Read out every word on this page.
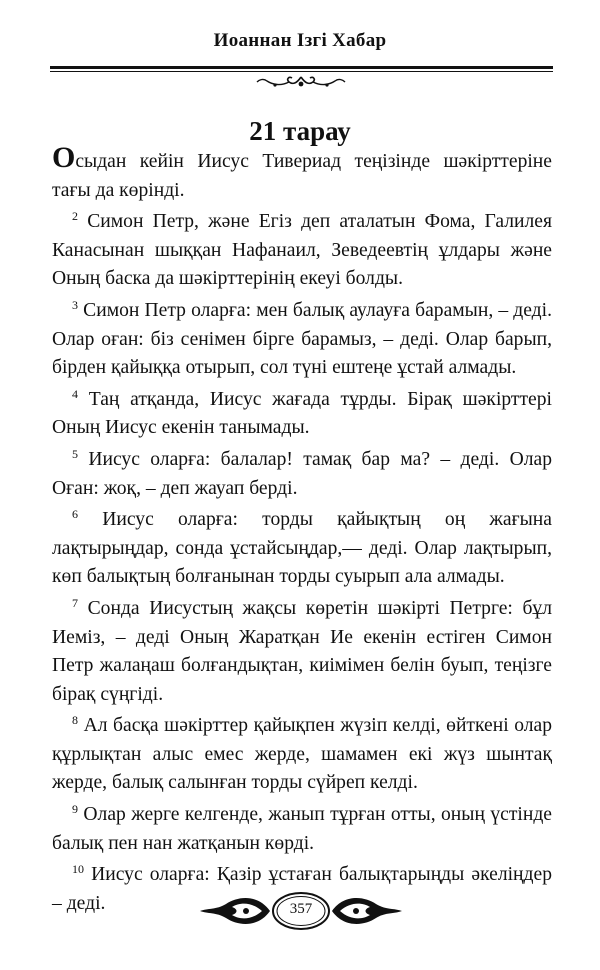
Иоаннан Ізгі Хабар
21 тарау

Осыдан кейін Иисус Тивериад теңізінде шәкірттеріне тағы да көрінді.

$^2$ Симон Петр, және Егіз деп аталатын Фома, Галилея Канасынан шыққан Нафанаил, Зеведеевтің ұлдары және Оның баска да шәкірттерінің екеуі болды.

$^3$ Симон Петр оларға: мен балық аулауға барамын, – деді. Олар оған: біз сенімен бірге барамыз, – деді. Олар барып, бірден қайыққа отырып, сол түні ештеңе ұстай алмады.

$^4$ Таң атқанда, Иисус жағада тұрды. Бірақ шәкірттері Оның Иисус екенін танымады.

$^5$ Иисус оларға: балалар! тамақ бар ма? – деді. Олар Оған: жоқ, – деп жауап берді.

$^6$ Иисус оларға: торды қайықтың оң жағына лақтырыңдар, сонда ұстайсыңдар,— деді. Олар лақтырып, көп балықтың болғанынан торды суырып ала алмады.

$^7$ Сонда Иисустың жақсы көретін шәкірті Петрге: бұл Иеміз, – деді Оның Жаратқан Ие екенін естіген Симон Петр жалаңаш болғандықтан, киімімен белін буып, теңізге бірақ сүңгіді.

$^8$ Ал басқа шәкірттер қайықпен жүзіп келді, өйткені олар құрлықтан алыс емес жерде, шамамен екі жүз шынтақ жерде, балық салынған торды сүйреп келді.

$^9$ Олар жерге келгенде, жанып тұрған отты, оның үстінде балық пен нан жатқанын көрді.

$^{10}$ Иисус оларға: Қазір ұстаған балықтарыңды әкеліңдер – деді.	357
